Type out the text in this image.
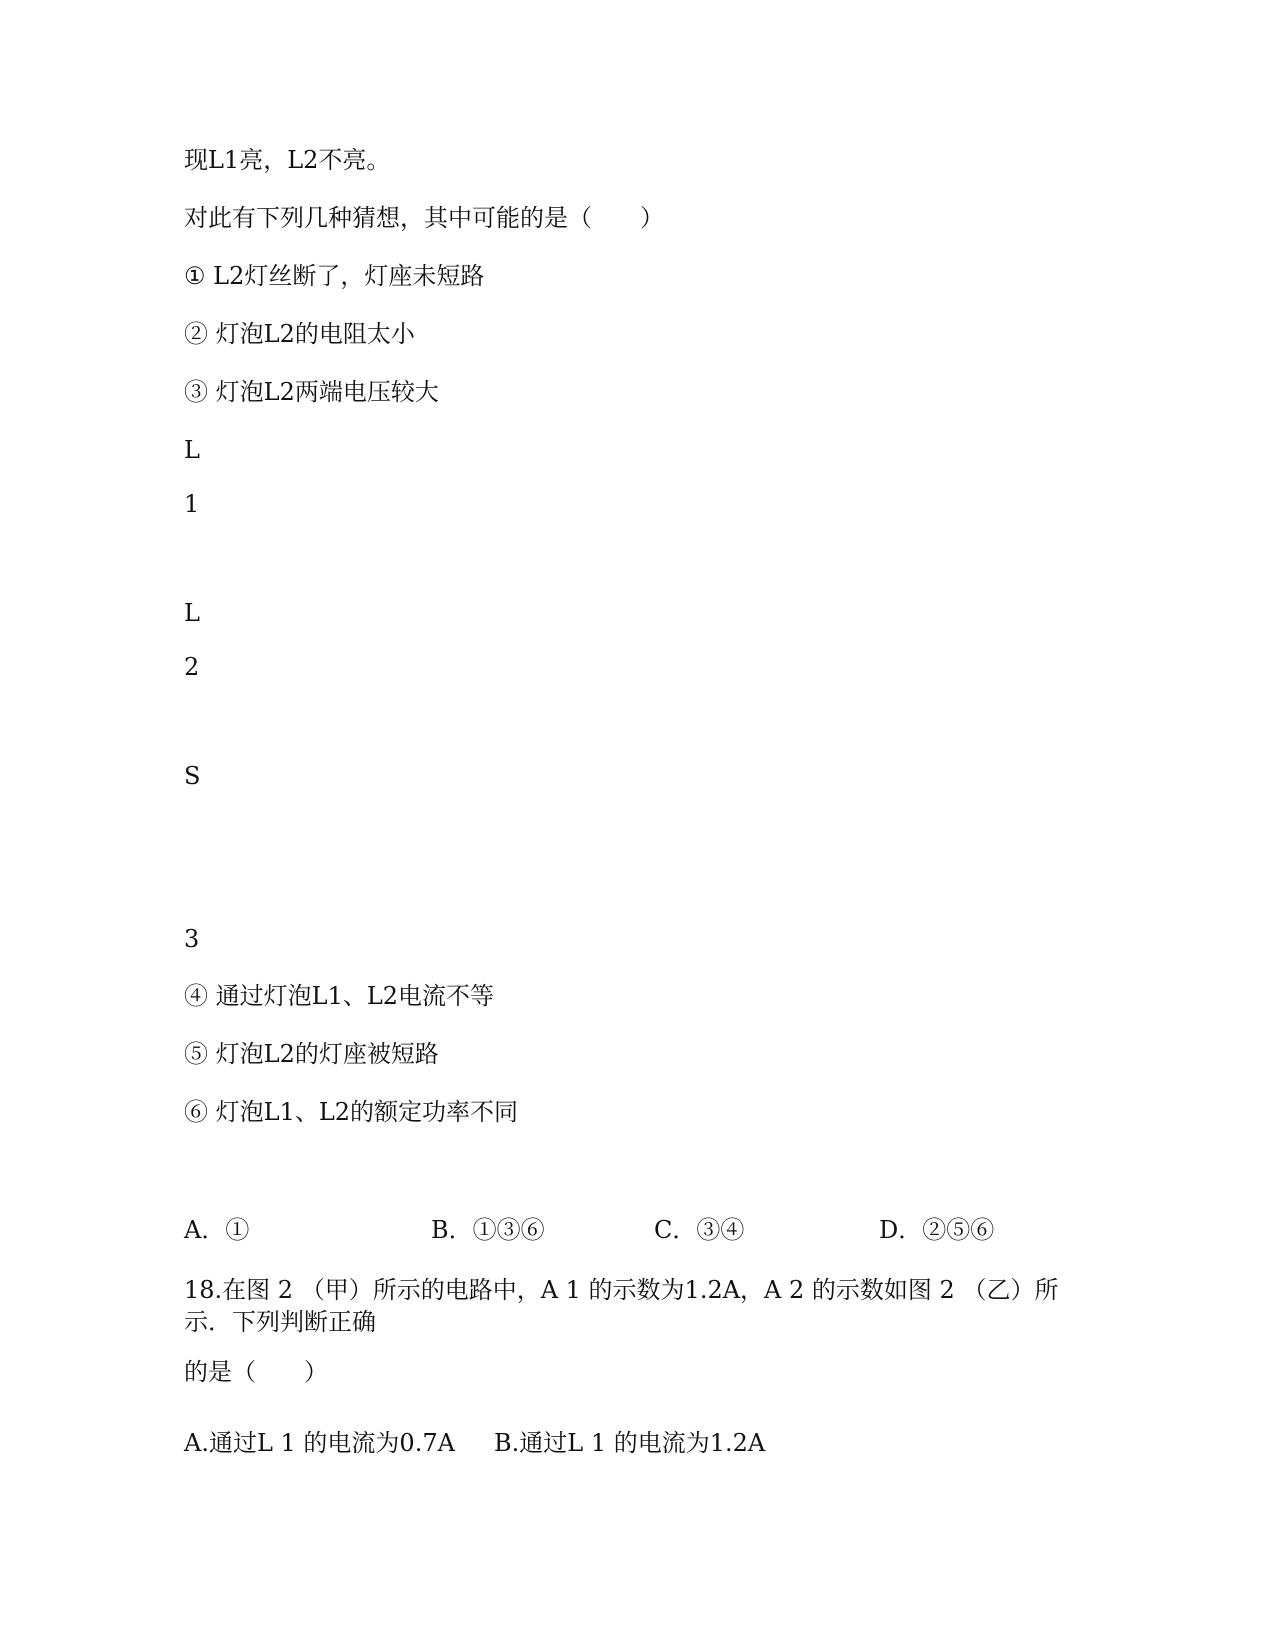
现L1亮，L2不亮。
对此有下列几种猜想，其中可能的是（　　）
① L2灯丝断了，灯座未短路
② 灯泡L2的电阻太小
③ 灯泡L2两端电压较大
L
1
L
2
S
3
④ 通过灯泡L1、L2电流不等
⑤ 灯泡L2的灯座被短路
⑥ 灯泡L1、L2的额定功率不同
A．①	B．①③⑥	C．③④	D．②⑤⑥
18.在图 2 （甲）所示的电路中，A 1 的示数为1.2A，A 2 的示数如图 2 （乙）所示．下列判断正确
的是（　　）
A.通过L 1 的电流为0.7A B.通过L 1 的电流为1.2A
